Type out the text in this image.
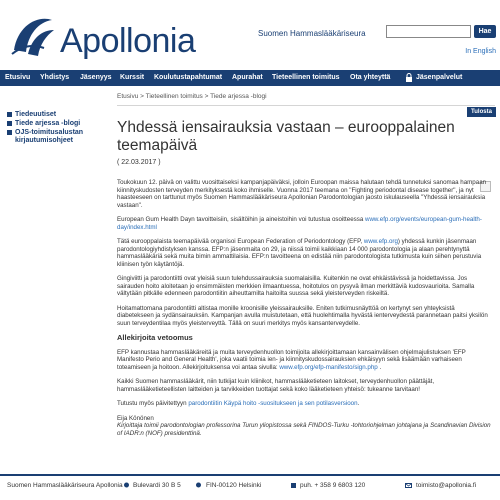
Apollonia	Suomen Hammaslääkäriseura	Hae
In English
Etusivu Yhdistys Jäsenyys Kurssit Koulutustapahtumat Apurahat Tieteellinen toimitus Ota yhteyttä	Jäsenpalvelut
Etusivu > Tieteellinen toimitus > Tiede arjessa -blogi
Tulosta
Tiedeuutiset
Tiede arjessa -blogi
OJS-toimitusalustan kirjautumisohjeet
Yhdessä iensairauksia vastaan – eurooppalainen teemapäivä
( 22.03.2017 )

Toukokuun 12. päivä on valittu vuosittaiseksi kampanjapäiväksi, jolloin Euroopan maissa halutaan tehdä tunnetuksi sanomaa hampaan kiinnityskudosten terveyden merkityksestä koko ihmiselle. Vuonna 2017 teemana on "Fighting periodontal disease together", ja nyt haasteeseen on tarttunut myös Suomen Hammaslääkäriseura Apollonian Parodontologian jaosto iskulauseella "Yhdessä iensairauksia vastaan".

European Gum Health Dayn tavoitteisiin, sisältöihin ja aineistoihin voi tutustua osoitteessa www.efp.org/events/european-gum-health-day/index.html

Tätä eurooppalaista teemapäivää organisoi European Federation of Periodontology (EFP, www.efp.org) yhdessä kunkin jäsenmaan parodontologiyhdistyksen kanssa. EFP:n jäsenmaita on 29, ja niissä toimii kaikkiaan 14 000 parodontologia ja alaan perehtynyttä hammaslääkäriä sekä muita bimin ammattilaisia. EFP:n tavoitteena on edistää niin parodontologista tutkimusta kuin siihen perustuvia kliinisen työn käytäntöjä.

Gingiviitti ja parodontiitti ovat yleisiä suun tulehdussairauksia suomalaisilla. Kuitenkin ne ovat ehkäistävissä ja hoidettavissa. Jos sairauden hoito aloitetaan jo ensimmäisten merkkien ilmaantuessa, hoitotulos on pysyvä ilman merkittäviä kudosvaurioita. Samalla vältytään pitkälle edenneen parodontiitin aiheuttamilta haitoilta suussa sekä yleisterveyden riskeiltä.

Hoitamattomana parodontiitti altistaa monille kroonisille yleissairauksille. Eniten tutkimusnäyttöä on kertynyt sen yhteyksistä diabetekseen ja sydänsairauksiin. Kampanjan avulla muistutetaan, että huolehtimalla hyvästä ienterveydestä parannetaan paitsi yksilön suun terveydentilaa myös yleisterveyttä. Tällä on suuri merkitys myös kansanterveydelle.

Allekirjoita vetoomus

EFP kannustaa hammaslääkäreitä ja muita terveydenhuollon toimijoita allekirjoittamaan kansainvälisen ohjelmajulistuksen 'EFP Manifesto Perio and General Health', joka vaatii toimia ien- ja kiinnityskudossairauksien ehkäisyyn sekä lisäämään varhaiseen toteamiseen ja hoitoon. Allekirjoituksensa voi antaa sivulla: www.efp.org/efp-manifesto/sign.php .

Kaikki Suomen hammaslääkärit, niin tutkijat kuin kliinikot, hammaslääketieteen laitokset, terveydenhuollon päättäjät, hammaslääketieteellisten laitteiden ja tarvikkeiden tuottajat sekä koko lääketieteen yhteisö: tukeanne tarvitaan!

Tutustu myös päivitettyyn parodontiitin Käypä hoito -suositukseen ja sen potilasversioon.

Eija Könönen
Kirjoittaja toimii parodontologian professorina Turun yliopistossa sekä FINDOS-Turku -tohtoriohjelman johtajana ja Scandinavian Division of IADR:n (NOF) presidenttinä.
Suomen Hammaslääkäriseura Apollonia Bulevardi 30 B 5	FIN-00120 Helsinki	puh. + 358 9 6803 120	toimisto@apollonia.fi
